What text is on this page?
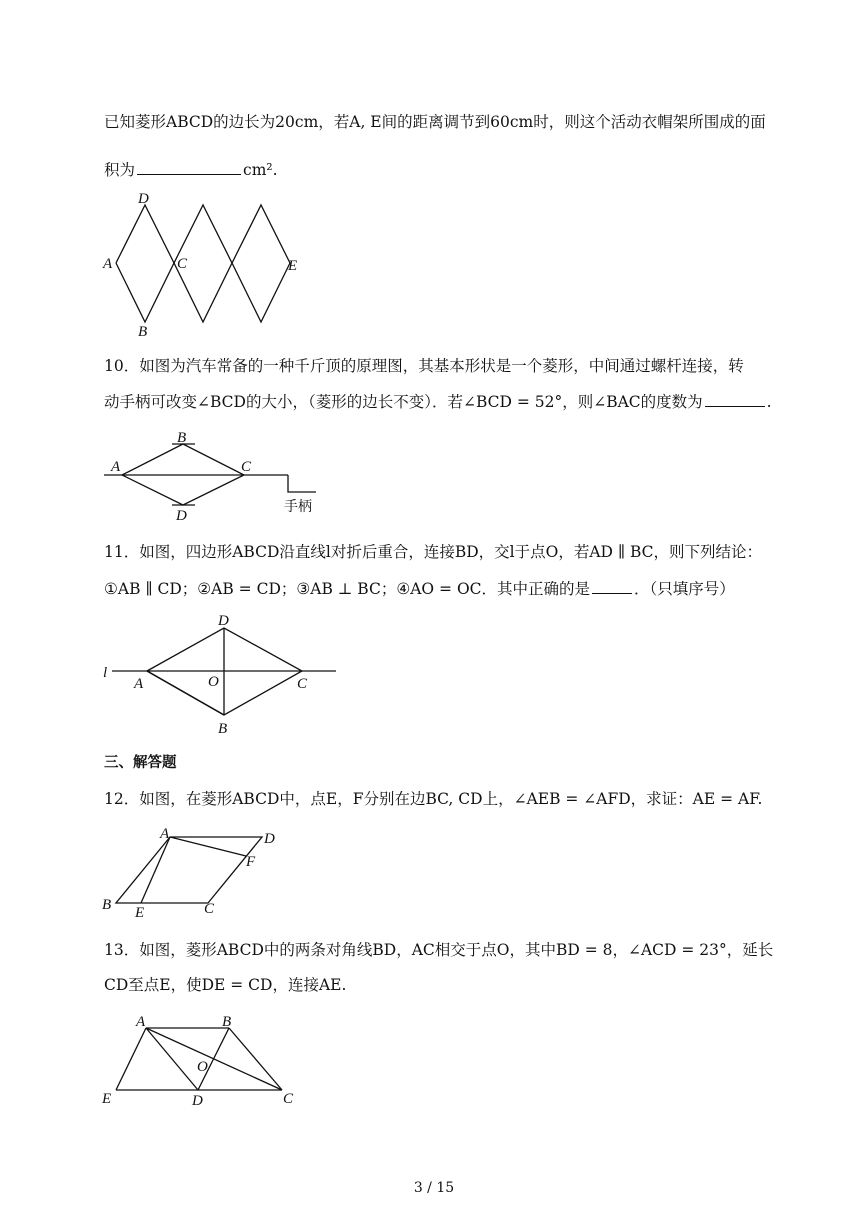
已知菱形ABCD的边长为20cm，若A, E间的距离调节到60cm时，则这个活动衣帽架所围成的面
积为	cm².
D
A	C	E
B
10．如图为汽车常备的一种千斤顶的原理图，其基本形状是一个菱形，中间通过螺杆连接，转
动手柄可改变∠BCD的大小，（菱形的边长不变）．若∠BCD = 52°，则∠BAC的度数为	.
B
A	C
D
手柄
11．如图，四边形ABCD沿直线l对折后重合，连接BD，交l于点O，若AD ∥ BC，则下列结论：
①AB ∥ CD；②AB = CD；③AB ⊥ BC；④AO = OC．其中正确的是	．（只填序号）
D
l
A	O	C
B
三、解答题
12．如图，在菱形ABCD中，点E，F分别在边BC, CD上，∠AEB = ∠AFD，求证：AE = AF.
A	D
F
B E	C
13．如图，菱形ABCD中的两条对角线BD，AC相交于点O，其中BD = 8，∠ACD = 23°，延长
CD至点E，使DE = CD，连接AE.
A	B
O
E	D	C
3 / 15
